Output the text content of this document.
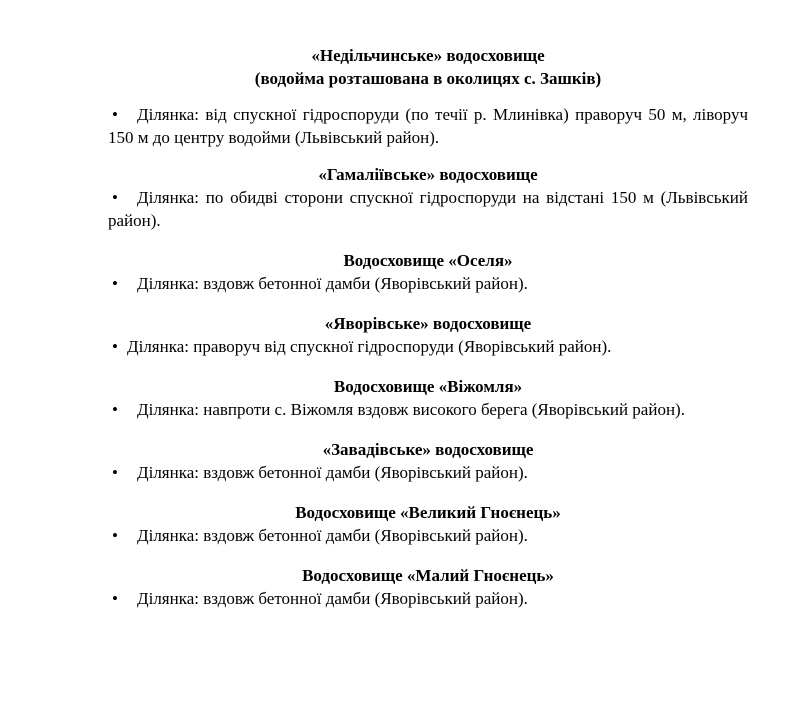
«Недільчинське» водосховище
(водойма розташована в околицях с. Зашків)

• Ділянка: від спускної гідроспоруди (по течії р. Млинівка) праворуч 50 м, ліворуч 150 м до центру водойми (Львівський район).

«Гамаліївське» водосховище

• Ділянка: по обидві сторони спускної гідроспоруди на відстані 150 м (Львівський район).

Водосховище «Оселя»

•	Ділянка: вздовж бетонної дамби (Яворівський район).

«Яворівське» водосховище

• Ділянка: праворуч від спускної гідроспоруди (Яворівський район).

Водосховище «Віжомля»

•	Ділянка: навпроти с. Віжомля вздовж високого берега (Яворівський район).

«Завадівське» водосховище

•	Ділянка: вздовж бетонної дамби (Яворівський район).

Водосховище «Великий Гноєнець»

•	Ділянка: вздовж бетонної дамби (Яворівський район).

Водосховище «Малий Гноєнець»

•	Ділянка: вздовж бетонної дамби (Яворівський район).
